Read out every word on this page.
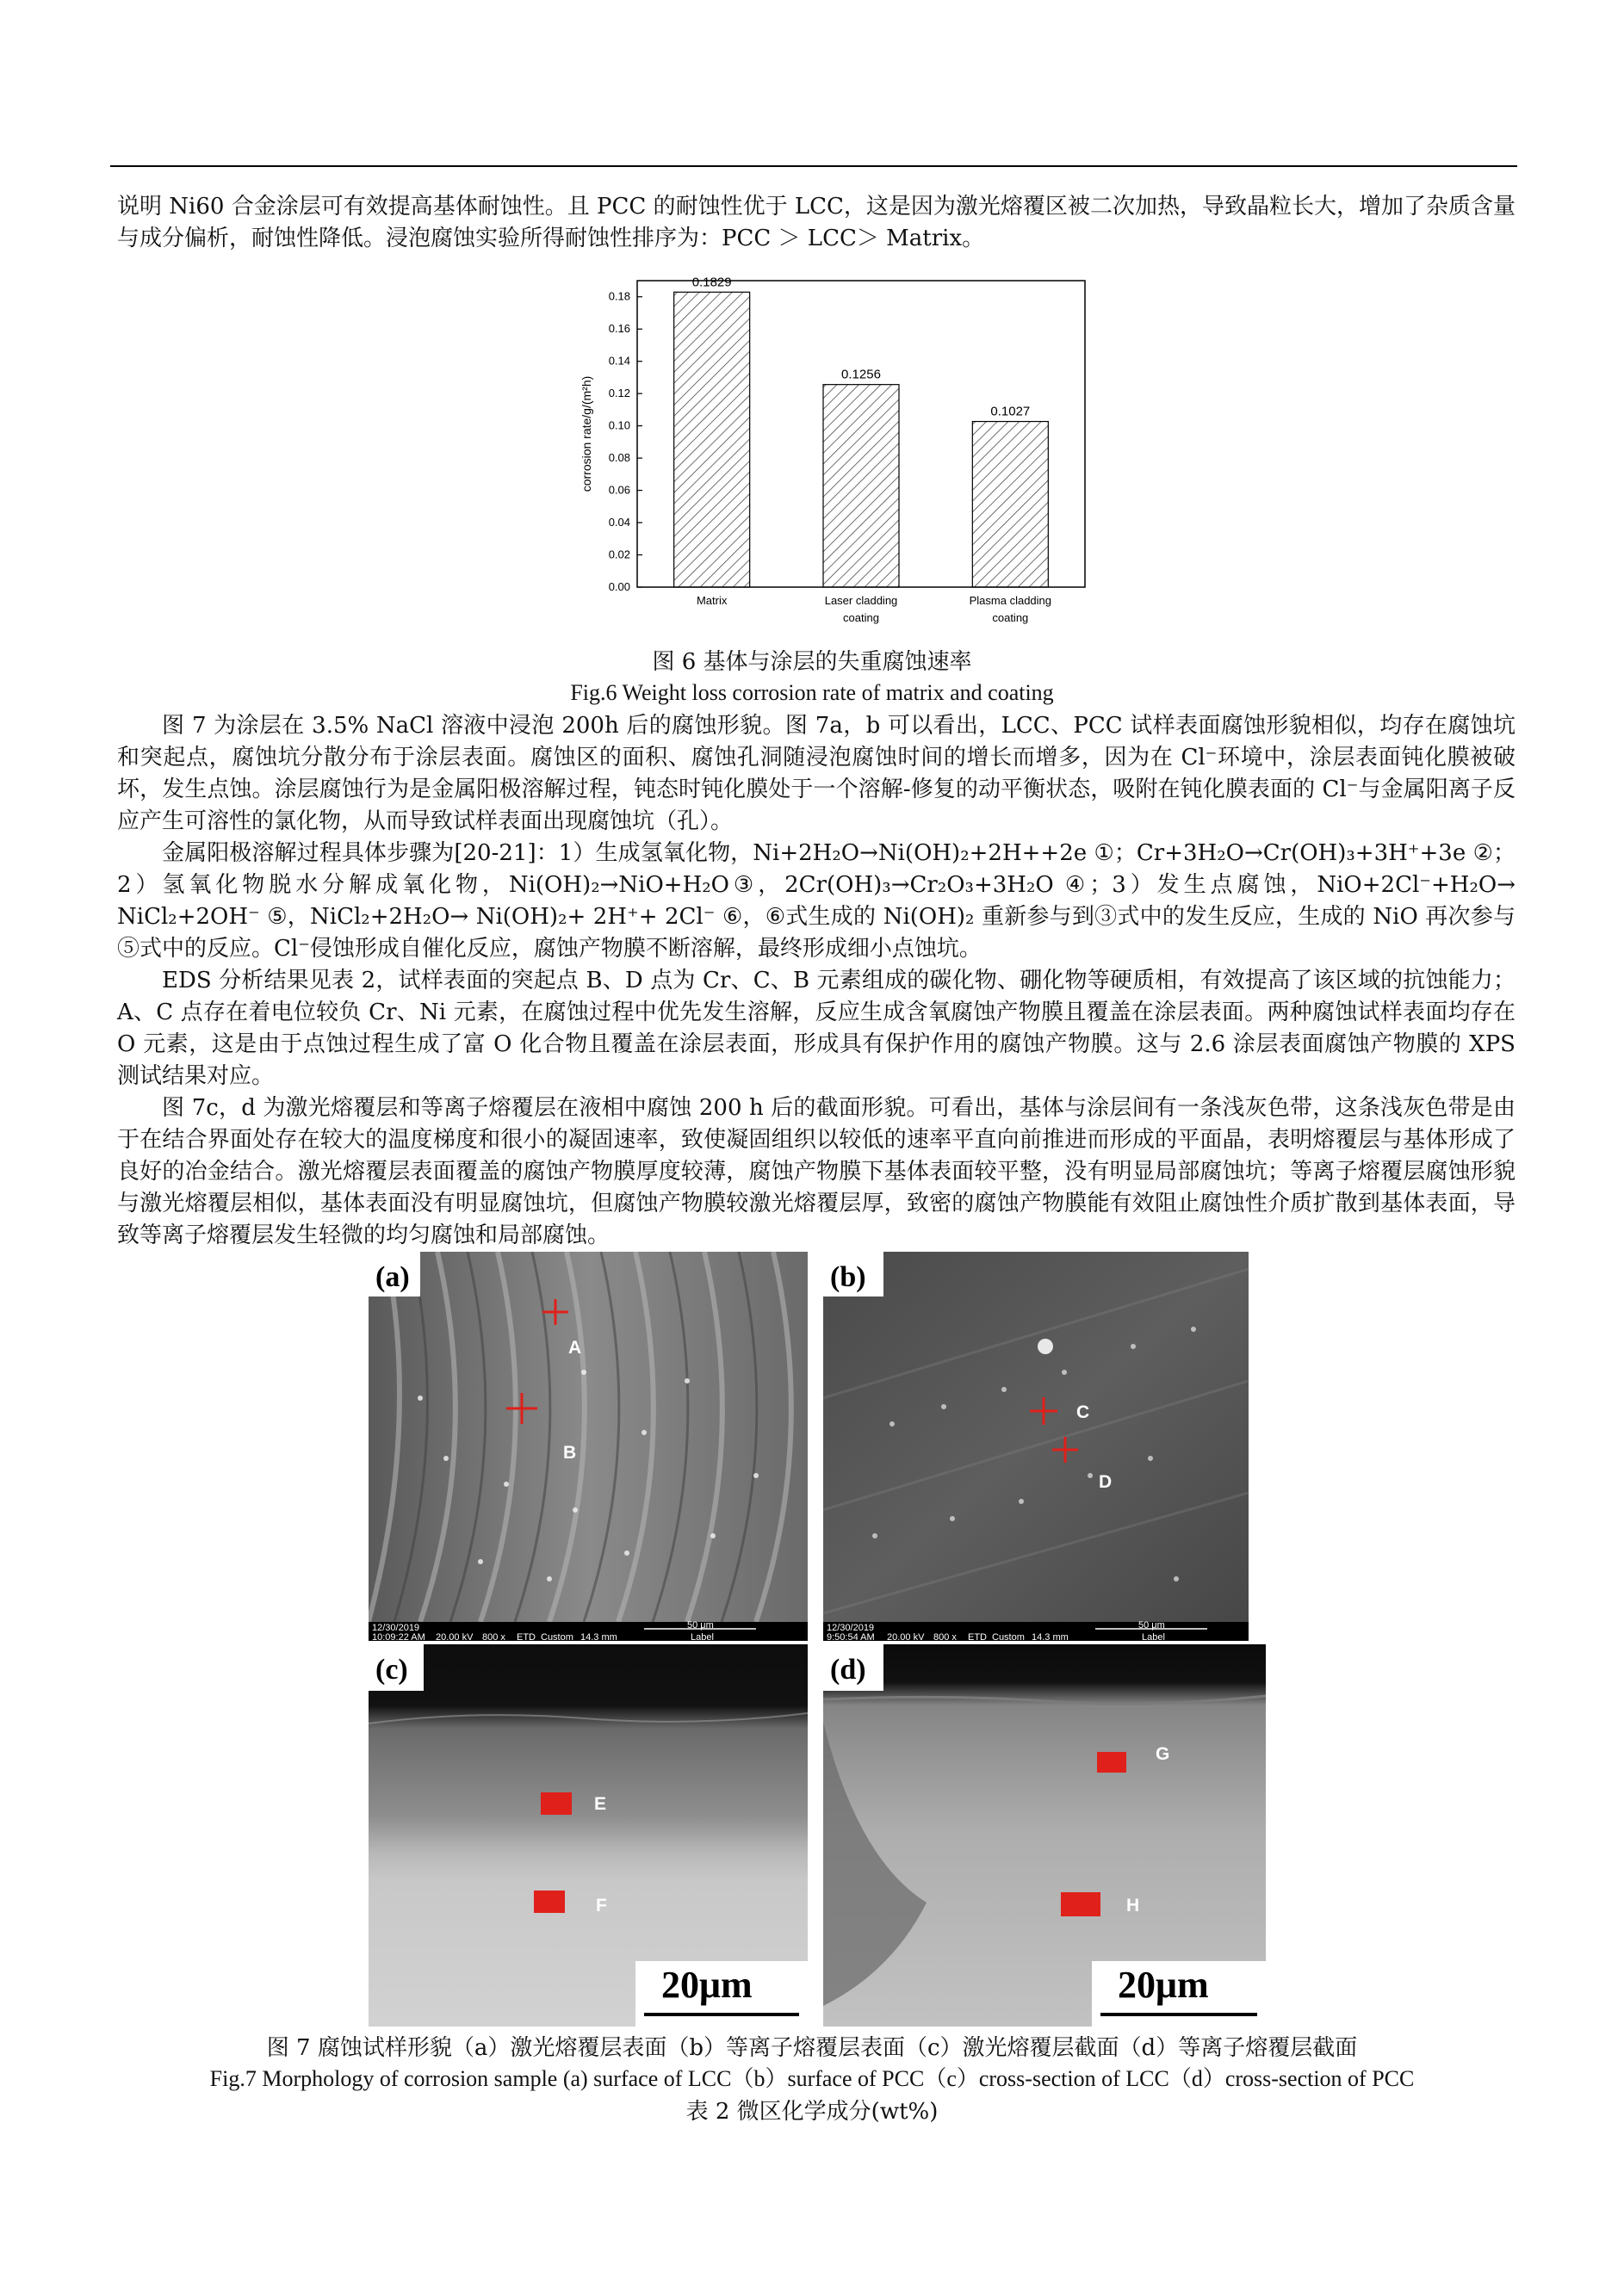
说明 Ni60 合金涂层可有效提高基体耐蚀性。且 PCC 的耐蚀性优于 LCC，这是因为激光熔覆区被二次加热，导致晶粒长大，增加了杂质含量与成分偏析，耐蚀性降低。浸泡腐蚀实验所得耐蚀性排序为：PCC ＞ LCC＞ Matrix。

0.00
0.02
0.04
0.06
0.08
0.10
0.12
0.14
0.16
0.18
0.1829
Matrix
0.1256
Laser cladding
coating
0.1027
Plasma cladding
coating
corrosion rate/g/(m²h)

图 6 基体与涂层的失重腐蚀速率

Fig.6 Weight loss corrosion rate of matrix and coating

图 7 为涂层在 3.5% NaCl 溶液中浸泡 200h 后的腐蚀形貌。图 7a，b 可以看出，LCC、PCC 试样表面腐蚀形貌相似，均存在腐蚀坑和突起点，腐蚀坑分散分布于涂层表面。腐蚀区的面积、腐蚀孔洞随浸泡腐蚀时间的增长而增多，因为在 Cl⁻环境中，涂层表面钝化膜被破坏，发生点蚀。涂层腐蚀行为是金属阳极溶解过程，钝态时钝化膜处于一个溶解-修复的动平衡状态，吸附在钝化膜表面的 Cl⁻与金属阳离子反应产生可溶性的氯化物，从而导致试样表面出现腐蚀坑（孔）。

金属阳极溶解过程具体步骤为[20-21]：1）生成氢氧化物，Ni+2H₂O→Ni(OH)₂+2H++2e ①；Cr+3H₂O→Cr(OH)₃+3H⁺+3e ②；2）氢氧化物脱水分解成氧化物，Ni(OH)₂→NiO+H₂O③，2Cr(OH)₃→Cr₂O₃+3H₂O ④；3）发生点腐蚀，NiO+2Cl⁻+H₂O→ NiCl₂+2OH⁻ ⑤，NiCl₂+2H₂O→ Ni(OH)₂+ 2H⁺+ 2Cl⁻ ⑥，⑥式生成的 Ni(OH)₂ 重新参与到③式中的发生反应，生成的 NiO 再次参与⑤式中的反应。Cl⁻侵蚀形成自催化反应，腐蚀产物膜不断溶解，最终形成细小点蚀坑。

EDS 分析结果见表 2，试样表面的突起点 B、D 点为 Cr、C、B 元素组成的碳化物、硼化物等硬质相，有效提高了该区域的抗蚀能力；A、C 点存在着电位较负 Cr、Ni 元素，在腐蚀过程中优先发生溶解，反应生成含氧腐蚀产物膜且覆盖在涂层表面。两种腐蚀试样表面均存在 O 元素，这是由于点蚀过程生成了富 O 化合物且覆盖在涂层表面，形成具有保护作用的腐蚀产物膜。这与 2.6 涂层表面腐蚀产物膜的 XPS 测试结果对应。

图 7c，d 为激光熔覆层和等离子熔覆层在液相中腐蚀 200 h 后的截面形貌。可看出，基体与涂层间有一条浅灰色带，这条浅灰色带是由于在结合界面处存在较大的温度梯度和很小的凝固速率，致使凝固组织以较低的速率平直向前推进而形成的平面晶，表明熔覆层与基体形成了良好的冶金结合。激光熔覆层表面覆盖的腐蚀产物膜厚度较薄，腐蚀产物膜下基体表面较平整，没有明显局部腐蚀坑；等离子熔覆层腐蚀形貌与激光熔覆层相似，基体表面没有明显腐蚀坑，但腐蚀产物膜较激光熔覆层厚，致密的腐蚀产物膜能有效阻止腐蚀性介质扩散到基体表面，导致等离子熔覆层发生轻微的均匀腐蚀和局部腐蚀。

(a)
A
B
12/30/2019
10:09:22 AM 20.00 kV 800 x ETD Custom 14.3 mm
50 μm
Label
(b)
C
D
12/30/2019
9:50:54 AM 20.00 kV 800 x ETD Custom 14.3 mm
50 μm
Label
(c)
E
F
20μm
(d)
G
H
20μm

图 7 腐蚀试样形貌（a）激光熔覆层表面（b）等离子熔覆层表面（c）激光熔覆层截面（d）等离子熔覆层截面

Fig.7 Morphology of corrosion sample (a) surface of LCC（b）surface of PCC（c）cross-section of LCC（d）cross-section of PCC

表 2 微区化学成分(wt%)
